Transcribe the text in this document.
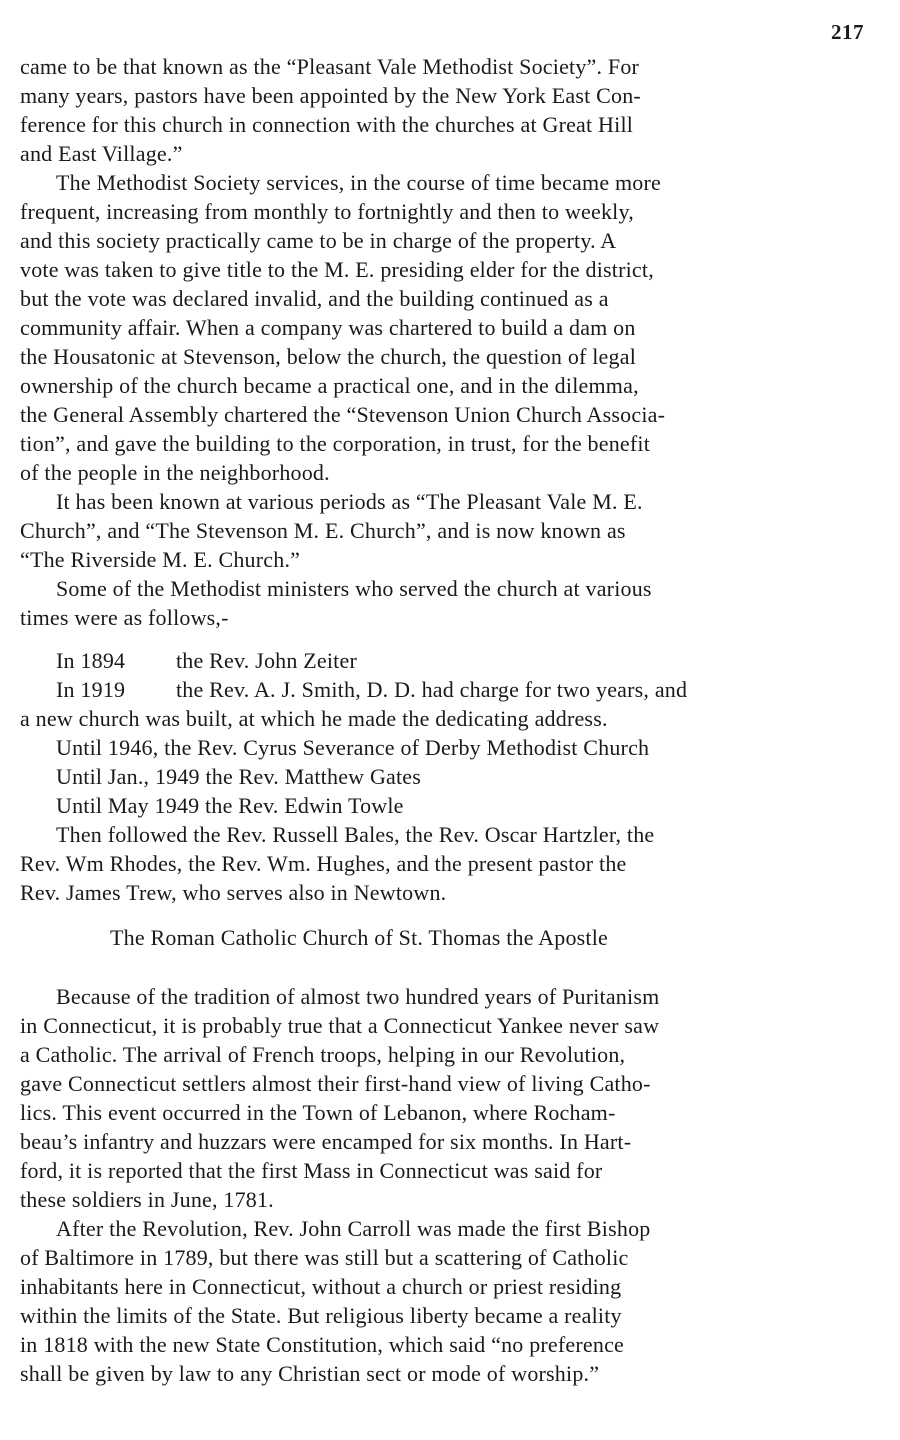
217
came to be that known as the “Pleasant Vale Methodist Society”. For
many years, pastors have been appointed by the New York East Con-
ference for this church in connection with the churches at Great Hill
and East Village.”
The Methodist Society services, in the course of time became more
frequent, increasing from monthly to fortnightly and then to weekly,
and this society practically came to be in charge of the property. A
vote was taken to give title to the M. E. presiding elder for the district,
but the vote was declared invalid, and the building continued as a
community affair. When a company was chartered to build a dam on
the Housatonic at Stevenson, below the church, the question of legal
ownership of the church became a practical one, and in the dilemma,
the General Assembly chartered the “Stevenson Union Church Associa-
tion”, and gave the building to the corporation, in trust, for the benefit
of the people in the neighborhood.
It has been known at various periods as “The Pleasant Vale M. E.
Church”, and “The Stevenson M. E. Church”, and is now known as
“The Riverside M. E. Church.”
Some of the Methodist ministers who served the church at various
times were as follows,-
In 1894 the Rev. John Zeiter
In 1919 the Rev. A. J. Smith, D. D. had charge for two years, and
a new church was built, at which he made the dedicating address.
Until 1946, the Rev. Cyrus Severance of Derby Methodist Church
Until Jan., 1949 the Rev. Matthew Gates
Until May 1949 the Rev. Edwin Towle
Then followed the Rev. Russell Bales, the Rev. Oscar Hartzler, the
Rev. Wm Rhodes, the Rev. Wm. Hughes, and the present pastor the
Rev. James Trew, who serves also in Newtown.
The Roman Catholic Church of St. Thomas the Apostle
Because of the tradition of almost two hundred years of Puritanism
in Connecticut, it is probably true that a Connecticut Yankee never saw
a Catholic. The arrival of French troops, helping in our Revolution,
gave Connecticut settlers almost their first-hand view of living Catho-
lics. This event occurred in the Town of Lebanon, where Rocham-
beau’s infantry and huzzars were encamped for six months. In Hart-
ford, it is reported that the first Mass in Connecticut was said for
these soldiers in June, 1781.
After the Revolution, Rev. John Carroll was made the first Bishop
of Baltimore in 1789, but there was still but a scattering of Catholic
inhabitants here in Connecticut, without a church or priest residing
within the limits of the State. But religious liberty became a reality
in 1818 with the new State Constitution, which said “no preference
shall be given by law to any Christian sect or mode of worship.”
